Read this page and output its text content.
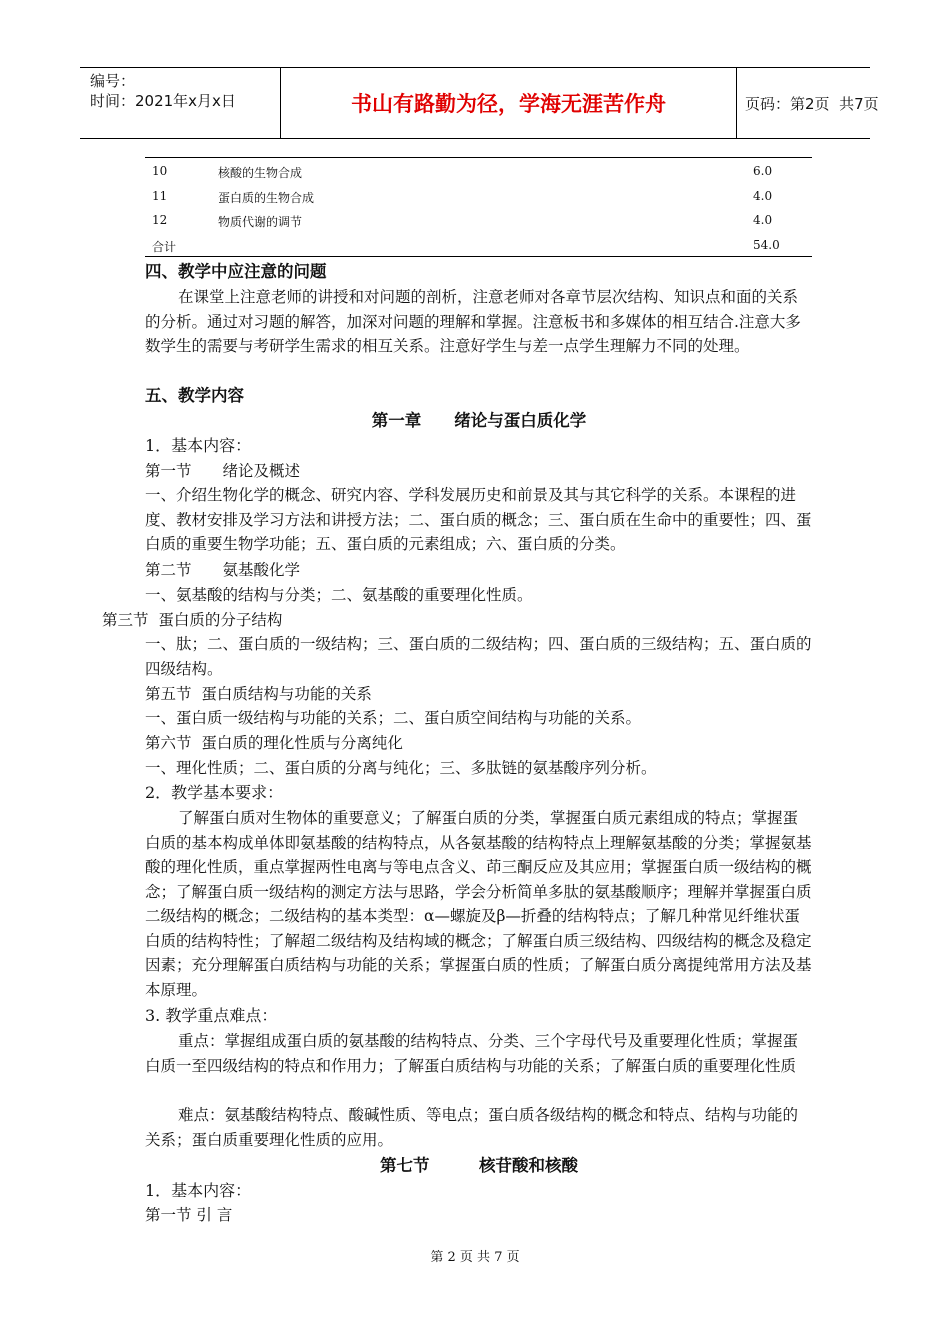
编号：
时间：2021年x月x日	书山有路勤为径，学海无涯苦作舟	页码：第2页  共7页
10	核酸的生物合成	6.0
11	蛋白质的生物合成	4.0
12	物质代谢的调节	4.0
合计	54.0
四、教学中应注意的问题
在课堂上注意老师的讲授和对问题的剖析，注意老师对各章节层次结构、知识点和面的关系的分析。通过对习题的解答，加深对问题的理解和掌握。注意板书和多媒体的相互结合.注意大多数学生的需要与考研学生需求的相互关系。注意好学生与差一点学生理解力不同的处理。
五、教学内容
第一章　　绪论与蛋白质化学
1．基本内容：
第一节　　绪论及概述
一、介绍生物化学的概念、研究内容、学科发展历史和前景及其与其它科学的关系。本课程的进度、教材安排及学习方法和讲授方法；二、蛋白质的概念；三、蛋白质在生命中的重要性；四、蛋白质的重要生物学功能；五、蛋白质的元素组成；六、蛋白质的分类。
第二节　　氨基酸化学
一、氨基酸的结构与分类；二、氨基酸的重要理化性质。
第三节  蛋白质的分子结构
一、肽；二、蛋白质的一级结构；三、蛋白质的二级结构；四、蛋白质的三级结构；五、蛋白质的四级结构。
第五节  蛋白质结构与功能的关系
一、蛋白质一级结构与功能的关系；二、蛋白质空间结构与功能的关系。
第六节  蛋白质的理化性质与分离纯化
一、理化性质；二、蛋白质的分离与纯化；三、多肽链的氨基酸序列分析。
2．教学基本要求：
了解蛋白质对生物体的重要意义；了解蛋白质的分类，掌握蛋白质元素组成的特点；掌握蛋白质的基本构成单体即氨基酸的结构特点，从各氨基酸的结构特点上理解氨基酸的分类；掌握氨基酸的理化性质，重点掌握两性电离与等电点含义、茚三酮反应及其应用；掌握蛋白质一级结构的概念；了解蛋白质一级结构的测定方法与思路，学会分析简单多肽的氨基酸顺序；理解并掌握蛋白质二级结构的概念；二级结构的基本类型：α—螺旋及β—折叠的结构特点；了解几种常见纤维状蛋白质的结构特性；了解超二级结构及结构域的概念；了解蛋白质三级结构、四级结构的概念及稳定因素；充分理解蛋白质结构与功能的关系；掌握蛋白质的性质；了解蛋白质分离提纯常用方法及基本原理。
3. 教学重点难点：
重点：掌握组成蛋白质的氨基酸的结构特点、分类、三个字母代号及重要理化性质；掌握蛋白质一至四级结构的特点和作用力；了解蛋白质结构与功能的关系；了解蛋白质的重要理化性质
难点：氨基酸结构特点、酸碱性质、等电点；蛋白质各级结构的概念和特点、结构与功能的关系；蛋白质重要理化性质的应用。
第七节　　　核苷酸和核酸
1．基本内容：
第一节 引 言
第 2 页 共 7 页
